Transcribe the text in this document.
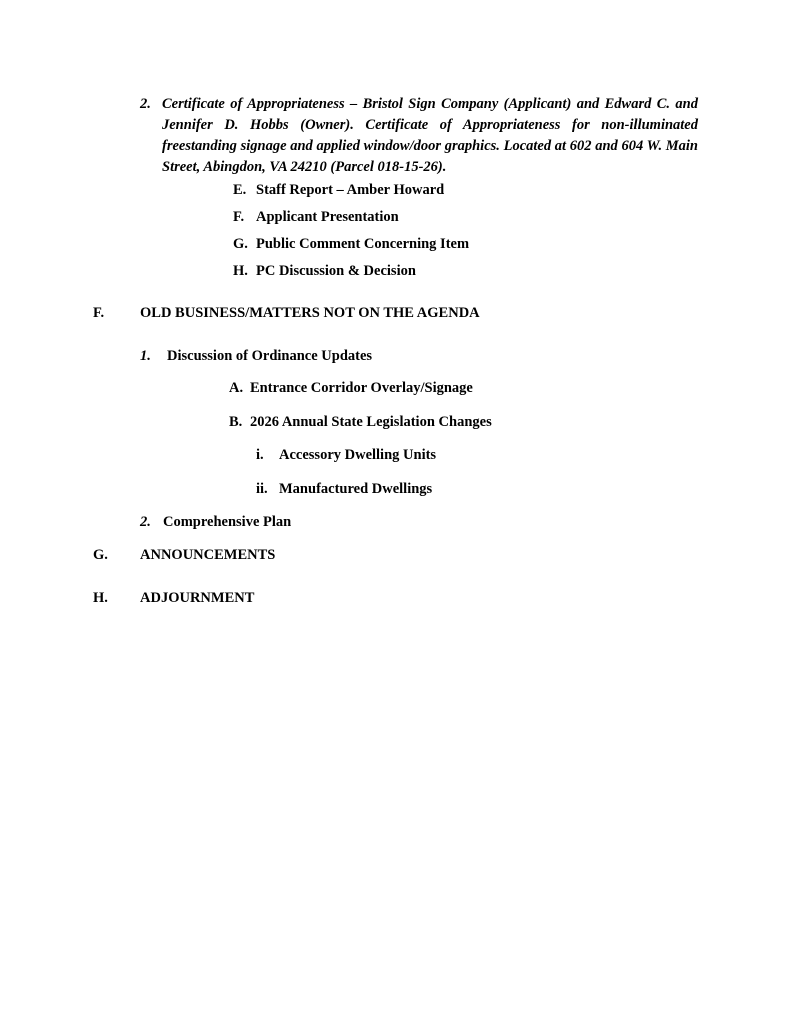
2. Certificate of Appropriateness – Bristol Sign Company (Applicant) and Edward C. and Jennifer D. Hobbs (Owner). Certificate of Appropriateness for non-illuminated freestanding signage and applied window/door graphics. Located at 602 and 604 W. Main Street, Abingdon, VA 24210 (Parcel 018-15-26).
E. Staff Report – Amber Howard
F. Applicant Presentation
G. Public Comment Concerning Item
H. PC Discussion & Decision
F. OLD BUSINESS/MATTERS NOT ON THE AGENDA
1. Discussion of Ordinance Updates
A. Entrance Corridor Overlay/Signage
B. 2026 Annual State Legislation Changes
i. Accessory Dwelling Units
ii. Manufactured Dwellings
2. Comprehensive Plan
G. ANNOUNCEMENTS
H. ADJOURNMENT
